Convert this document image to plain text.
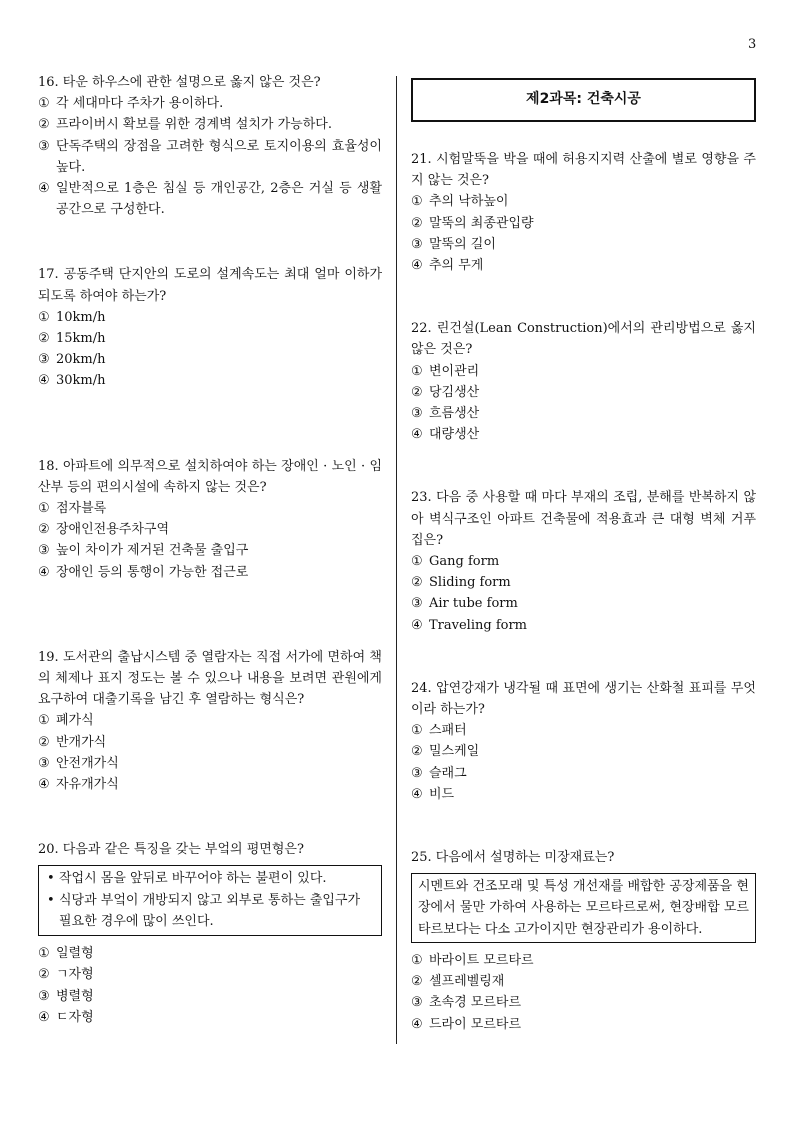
3
16. 타운 하우스에 관한 설명으로 옳지 않은 것은?
① 각 세대마다 주차가 용이하다.
② 프라이버시 확보를 위한 경계벽 설치가 가능하다.
③ 단독주택의 장점을 고려한 형식으로 토지이용의 효율성이 높다.
④ 일반적으로 1층은 침실 등 개인공간, 2층은 거실 등 생활공간으로 구성한다.
17. 공동주택 단지안의 도로의 설계속도는 최대 얼마 이하가 되도록 하여야 하는가?
① 10km/h
② 15km/h
③ 20km/h
④ 30km/h
18. 아파트에 의무적으로 설치하여야 하는 장애인 · 노인 · 임산부 등의 편의시설에 속하지 않는 것은?
① 점자블록
② 장애인전용주차구역
③ 높이 차이가 제거된 건축물 출입구
④ 장애인 등의 통행이 가능한 접근로
19. 도서관의 출납시스템 중 열람자는 직접 서가에 면하여 책의 체제나 표지 정도는 볼 수 있으나 내용을 보려면 관원에게 요구하여 대출기록을 남긴 후 열람하는 형식은?
① 폐가식
② 반개가식
③ 안전개가식
④ 자유개가식
20. 다음과 같은 특징을 갖는 부엌의 평면형은?
• 작업시 몸을 앞뒤로 바꾸어야 하는 불편이 있다.
• 식당과 부엌이 개방되지 않고 외부로 통하는 출입구가 필요한 경우에 많이 쓰인다.
① 일렬형
② ㄱ자형
③ 병렬형
④ ㄷ자형
제2과목: 건축시공
21. 시험말뚝을 박을 때에 허용지지력 산출에 별로 영향을 주지 않는 것은?
① 추의 낙하높이
② 말뚝의 최종관입량
③ 말뚝의 길이
④ 추의 무게
22. 린건설(Lean Construction)에서의 관리방법으로 옳지 않은 것은?
① 변이관리
② 당김생산
③ 흐름생산
④ 대량생산
23. 다음 중 사용할 때 마다 부재의 조립, 분해를 반복하지 않아 벽식구조인 아파트 건축물에 적용효과 큰 대형 벽체 거푸집은?
① Gang form
② Sliding form
③ Air tube form
④ Traveling form
24. 압연강재가 냉각될 때 표면에 생기는 산화철 표피를 무엇이라 하는가?
① 스패터
② 밀스케일
③ 슬래그
④ 비드
25. 다음에서 설명하는 미장재료는?
시멘트와 건조모래 및 특성 개선재를 배합한 공장제품을 현장에서 물만 가하여 사용하는 모르타르로써, 현장배합 모르타르보다는 다소 고가이지만 현장관리가 용이하다.
① 바라이트 모르타르
② 셀프레벨링재
③ 초속경 모르타르
④ 드라이 모르타르
